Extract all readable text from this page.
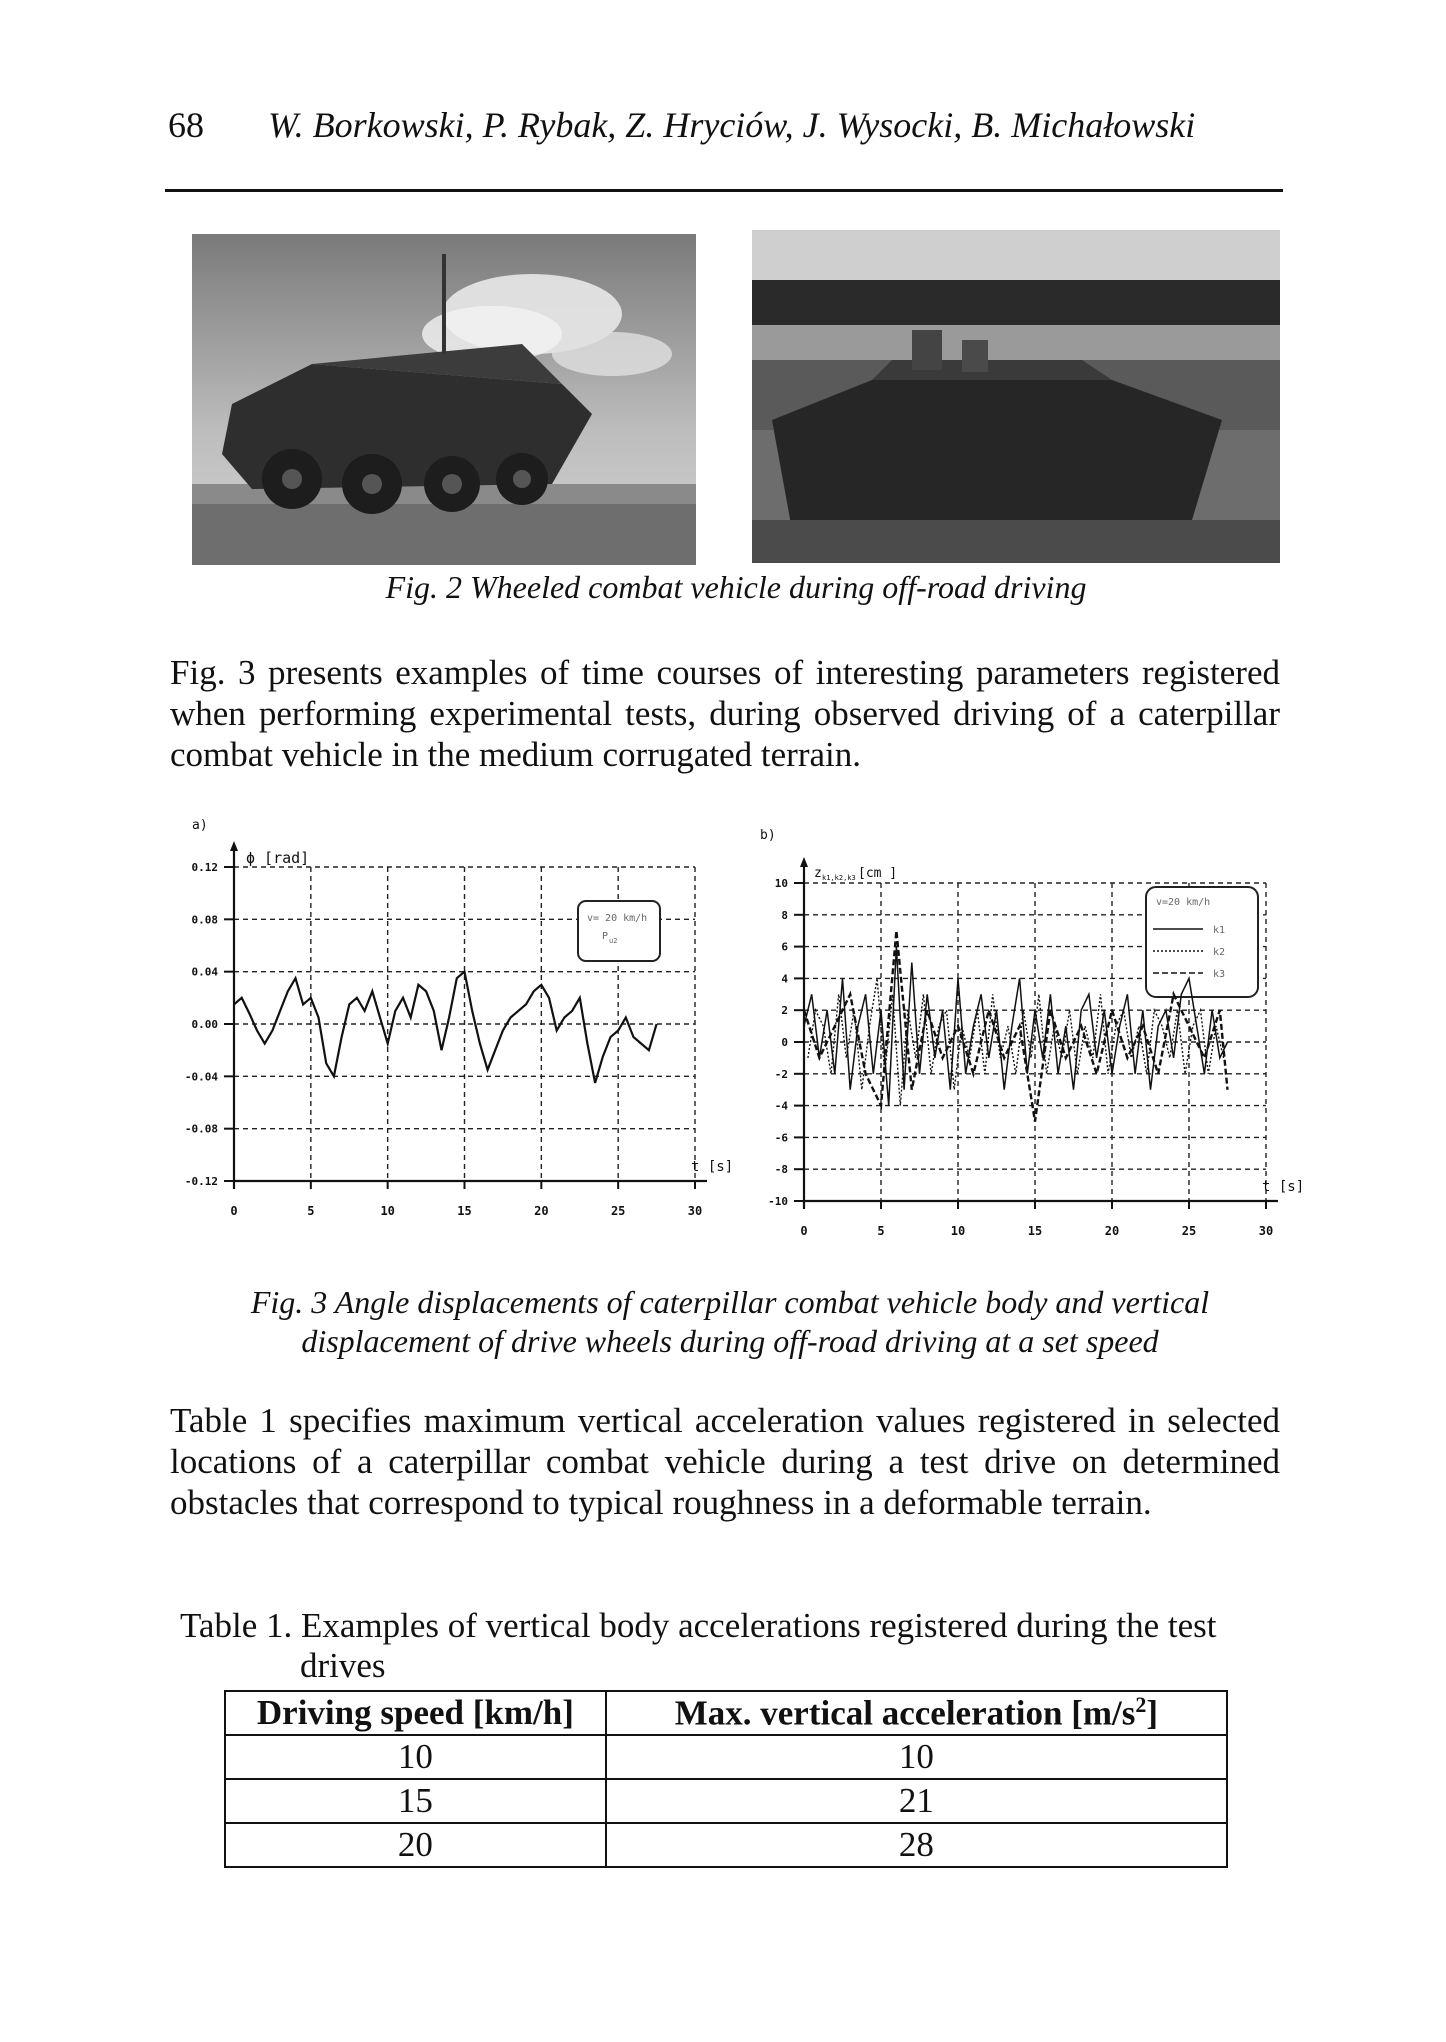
68 W. Borkowski, P. Rybak, Z. Hryciów, J. Wysocki, B. Michałowski
Fig. 2 Wheeled combat vehicle during off-road driving
Fig. 3 presents examples of time courses of interesting parameters registered when performing experimental tests, during observed driving of a caterpillar combat vehicle in the medium corrugated terrain.
a)
0	5	10	15	20	25	30
0.12
0.08
0.04
0.00
-0.04
-0.08
-0.12
t [s]
ϕ [rad]
v= 20 km/h
P u2
b)
0	5	10	15	20	25	30
10
8
6
4
2
0
-2
-4
-6
-8
-10
t [s]
z k1,k2,k3 [cm ]
v=20 km/h
k1
k2
k3
Fig. 3 Angle displacements of caterpillar combat vehicle body and vertical
displacement of drive wheels during off-road driving at a set speed
Table 1 specifies maximum vertical acceleration values registered in selected locations of a caterpillar combat vehicle during a test drive on determined obstacles that correspond to typical roughness in a deformable terrain.
Table 1. Examples of vertical body accelerations registered during the test
drives
Driving speed [km/h]	Max. vertical acceleration $[m/s^2]$
10	10
15	21
20	28
